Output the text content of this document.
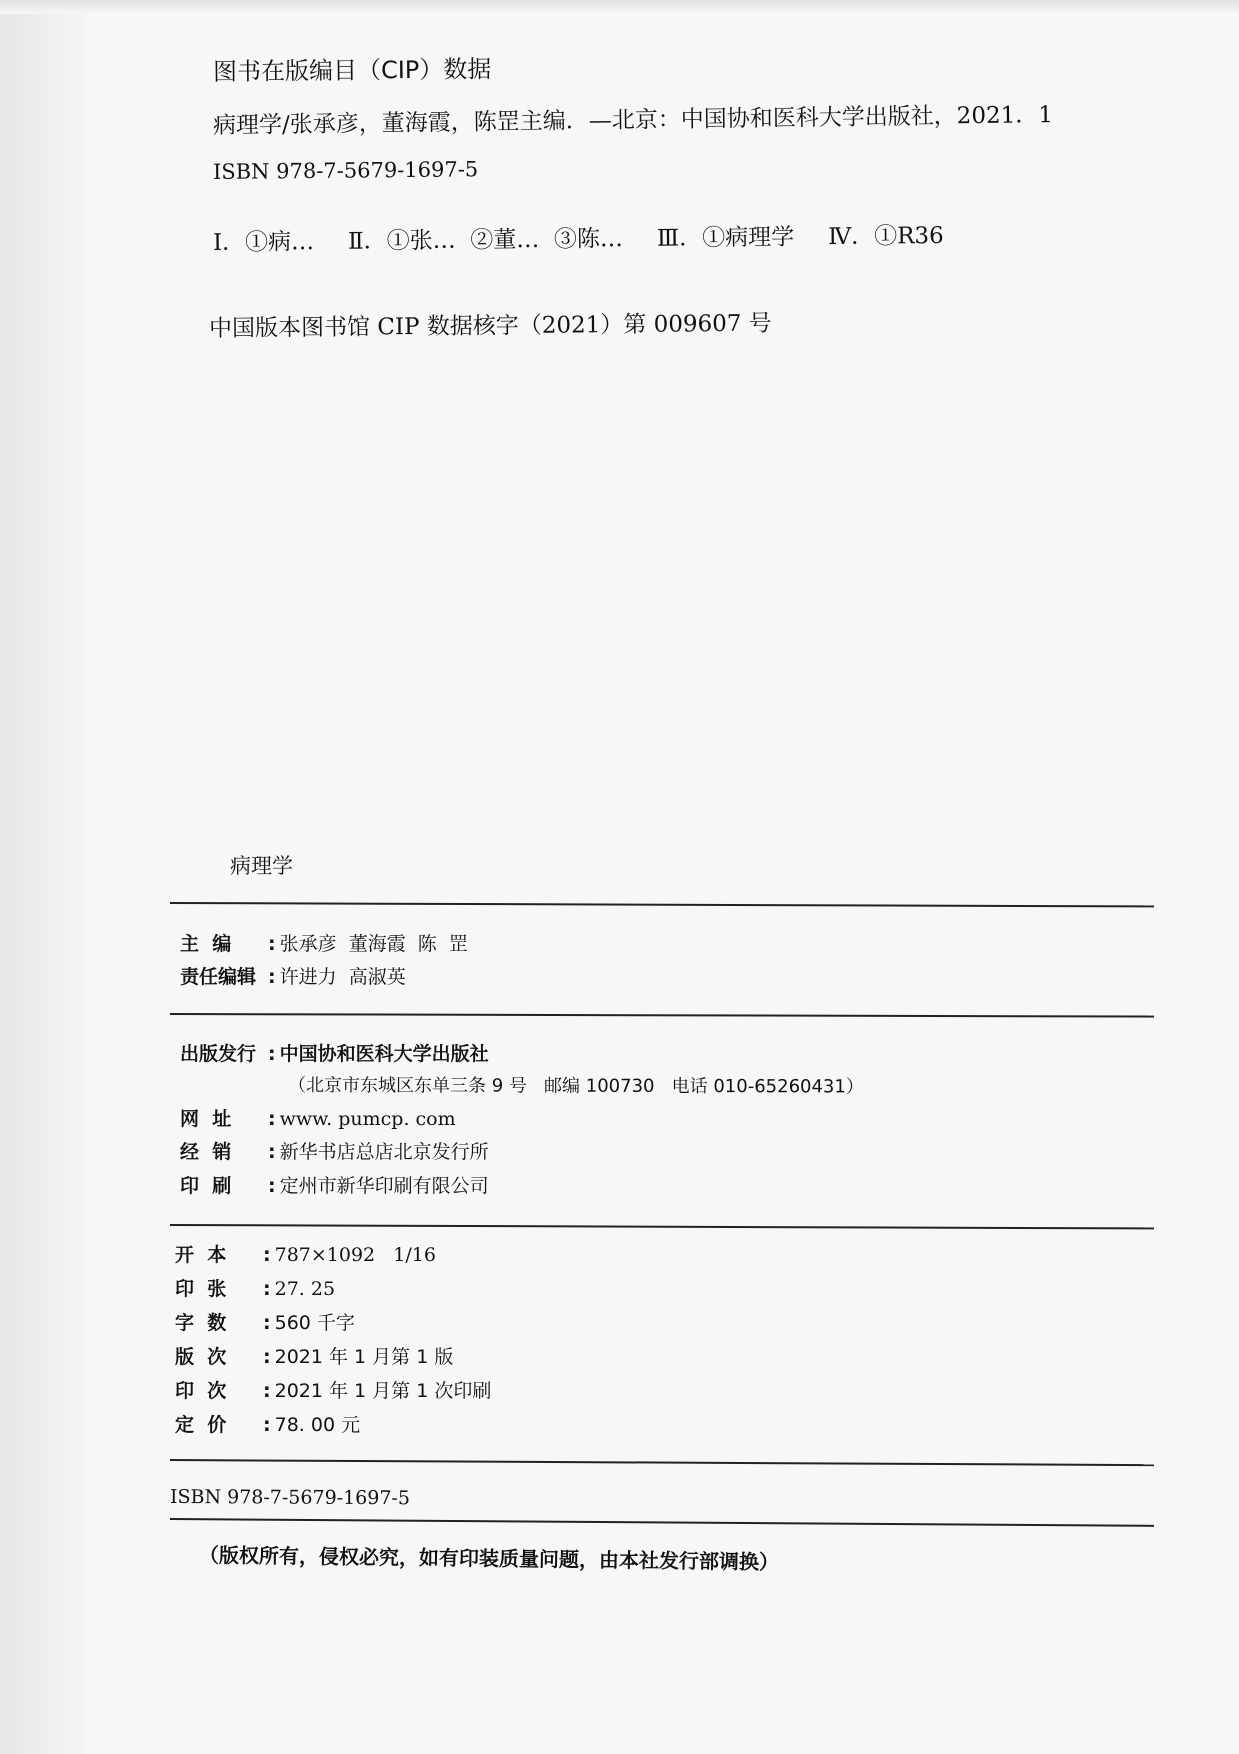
图书在版编目（CIP）数据
病理学/张承彦，董海霞，陈罡主编．—北京：中国协和医科大学出版社，2021．1
ISBN 978-7-5679-1697-5
Ⅰ．①病… Ⅱ．①张…  ②董…  ③陈… Ⅲ．①病理学 Ⅳ．①R36
中国版本图书馆 CIP 数据核字（2021）第 009607 号
病理学
主  编 : 张承彦  董海霞  陈  罡
责任编辑 : 许进力  高淑英
出版发行 : 中国协和医科大学出版社
（北京市东城区东单三条 9 号   邮编 100730   电话 010-65260431）
网  址 : www. pumcp. com
经  销 : 新华书店总店北京发行所
印  刷 : 定州市新华印刷有限公司
开  本 : 787×1092   1/16
印  张 : 27. 25
字  数 : 560 千字
版  次 : 2021 年 1 月第 1 版
印  次 : 2021 年 1 月第 1 次印刷
定  价 : 78. 00 元
ISBN 978-7-5679-1697-5
（版权所有，侵权必究，如有印装质量问题，由本社发行部调换）
